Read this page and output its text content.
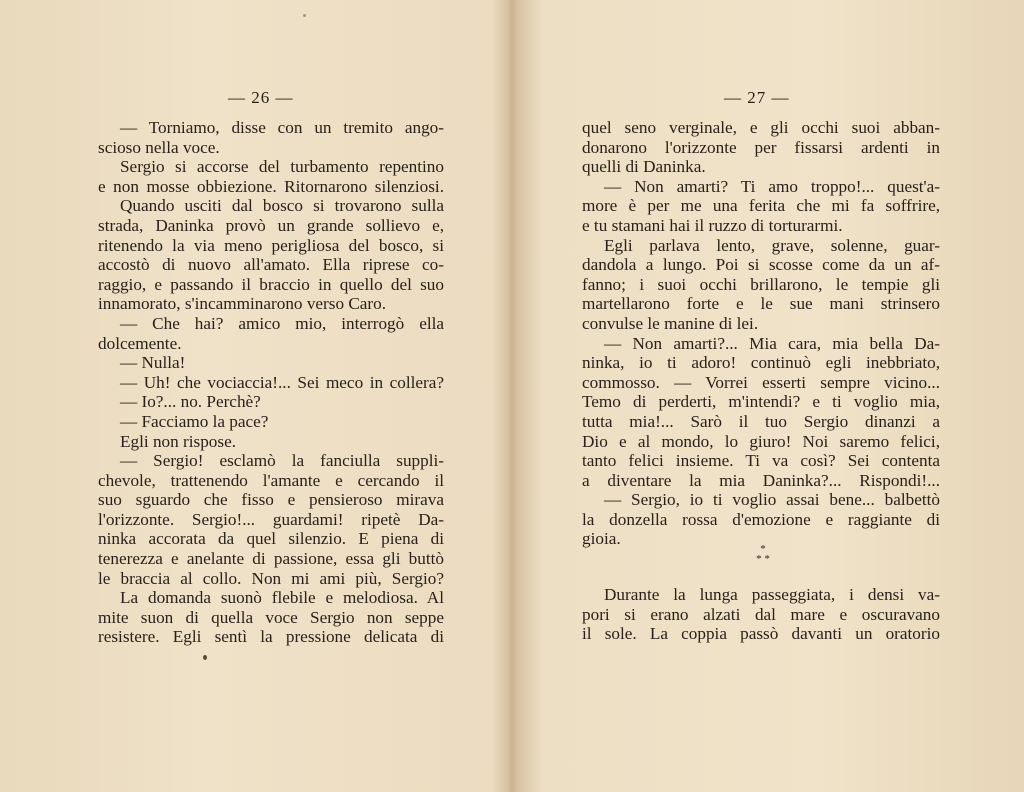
— 26 —
— Torniamo, disse con un tremito ango-
scioso nella voce.
Sergio si accorse del turbamento repentino
e non mosse obbiezione. Ritornarono silenziosi.
Quando usciti dal bosco si trovarono sulla
strada, Daninka provò un grande sollievo e,
ritenendo la via meno perigliosa del bosco, si
accostò di nuovo all'amato. Ella riprese co-
raggio, e passando il braccio in quello del suo
innamorato, s'incamminarono verso Caro.
— Che hai? amico mio, interrogò ella
dolcemente.
— Nulla!
— Uh! che vociaccia!... Sei meco in collera?
— Io?... no. Perchè?
— Facciamo la pace?
Egli non rispose.
— Sergio! esclamò la fanciulla suppli-
chevole, trattenendo l'amante e cercando il
suo sguardo che fisso e pensieroso mirava
l'orizzonte. Sergio!... guardami! ripetè Da-
ninka accorata da quel silenzio. E piena di
tenerezza e anelante di passione, essa gli buttò
le braccia al collo. Non mi ami più, Sergio?
La domanda suonò flebile e melodiosa. Al
mite suon di quella voce Sergio non seppe
resistere. Egli sentì la pressione delicata di
— 27 —
quel seno verginale, e gli occhi suoi abban-
donarono l'orizzonte per fissarsi ardenti in
quelli di Daninka.
— Non amarti? Ti amo troppo!... quest'a-
more è per me una ferita che mi fa soffrire,
e tu stamani hai il ruzzo di torturarmi.
Egli parlava lento, grave, solenne, guar-
dandola a lungo. Poi si scosse come da un af-
fanno; i suoi occhi brillarono, le tempie gli
martellarono forte e le sue mani strinsero
convulse le manine di lei.
— Non amarti?... Mia cara, mia bella Da-
ninka, io ti adoro! continuò egli inebbriato,
commosso. — Vorrei esserti sempre vicino...
Temo di perderti, m'intendi? e ti voglio mia,
tutta mia!... Sarò il tuo Sergio dinanzi a
Dio e al mondo, lo giuro! Noi saremo felici,
tanto felici insieme. Ti va così? Sei contenta
a diventare la mia Daninka?... Rispondi!...
— Sergio, io ti voglio assai bene... balbettò
la donzella rossa d'emozione e raggiante di
gioia.
*
* *
Durante la lunga passeggiata, i densi va-
pori si erano alzati dal mare e oscuravano
il sole. La coppia passò davanti un oratorio
